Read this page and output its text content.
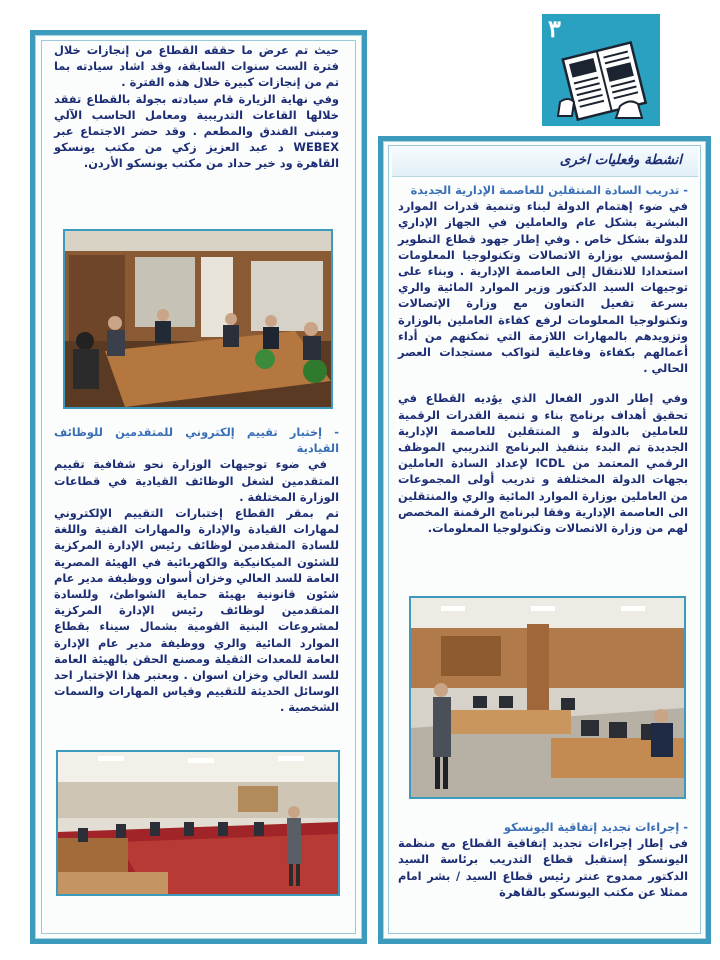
٣

حيث تم عرض ما حققه القطاع من إنجازات خلال فترة الست سنوات السابقة، وقد اشاد سيادته بما تم من إنجازات كبيرة خلال هذه الفترة .

وفي نهاية الزيارة قام سيادته بجولة بالقطاع تفقد خلالها القاعات التدريبية ومعامل الحاسب الآلي ومبنى الفندق والمطعم . وقد حضر الاجتماع عبر WEBEX د عبد العزيز زكي من مكتب يونسكو القاهرة ود خير حداد من مكتب يونسكو الأردن.

- إختبار تقييم إلكتروني للمتقدمين للوظائف القيادية

في ضوء توجيهات الوزارة نحو شفافية تقييم المتقدمين لشغل الوظائف القيادية في قطاعات الوزارة المختلفة .

تم بمقر القطاع إختبارات التقييم الإلكتروني لمهارات القيادة والإدارة والمهارات الفنية واللغة للسادة المتقدمين لوظائف رئيس الإدارة المركزية للشئون الميكانيكية والكهربائية في الهيئة المصرية العامة للسد العالي وخزان أسوان ووظيفة مدير عام شئون قانونية بهيئة حماية الشواطئ، وللسادة المتقدمين لوظائف رئيس الإدارة المركزية لمشروعات البنية القومية بشمال سيناء بقطاع الموارد المائية والري ووظيفة مدير عام الإدارة العامة للمعدات الثقيلة ومصنع الحقن بالهيئة العامة للسد العالي وخزان اسوان . ويعتبر هذا الإختبار احد الوسائل الحديثة للتقييم وقياس المهارات والسمات الشخصية .

انشطة وفعليات اخرى

- تدريب السادة المنتقلين للعاصمة الإدارية الجديدة

في ضوء إهتمام الدولة لبناء وتنمية قدرات الموارد البشرية بشكل عام والعاملين في الجهاز الإداري للدولة بشكل خاص . وفي إطار جهود قطاع التطوير المؤسسي بوزارة الاتصالات وتكنولوجيا المعلومات استعدادا للانتقال إلى العاصمة الإدارية . وبناء على توجيهات السيد الدكتور وزير الموارد المائية والري بسرعة تفعيل التعاون مع وزارة الإتصالات وتكنولوجيا المعلومات لرفع كفاءة العاملين بالوزارة وتزويدهم بالمهارات اللازمة التي تمكنهم من أداء أعمالهم بكفاءة وفاعلية لتواكب مستجدات العصر الحالي .

وفي إطار الدور الفعال الذي يؤديه القطاع في تحقيق أهداف برنامج بناء و تنمية القدرات الرقمية للعاملين بالدولة و المنتقلين للعاصمة الإدارية الجديدة تم البدء بتنفيذ البرنامج التدريبي الموظف الرقمي المعتمد من ICDL لإعداد السادة العاملين بجهات الدولة المختلفة و تدريب أولى المجموعات من العاملين بوزارة الموارد المائية والري والمنتقلين الى العاصمة الإدارية وفقا لبرنامج الرقمنة المخصص لهم من وزارة الاتصالات وتكنولوجيا المعلومات.

- إجراءات تجديد إتفاقية اليونسكو

فى إطار إجراءات تجديد إتفاقية القطاع مع منظمة اليونسكو إستقبل قطاع التدريب برئاسة السيد الدكتور ممدوح عنتر رئيس قطاع السيد / بشر امام ممثلا عن مكتب اليونسكو بالقاهرة
